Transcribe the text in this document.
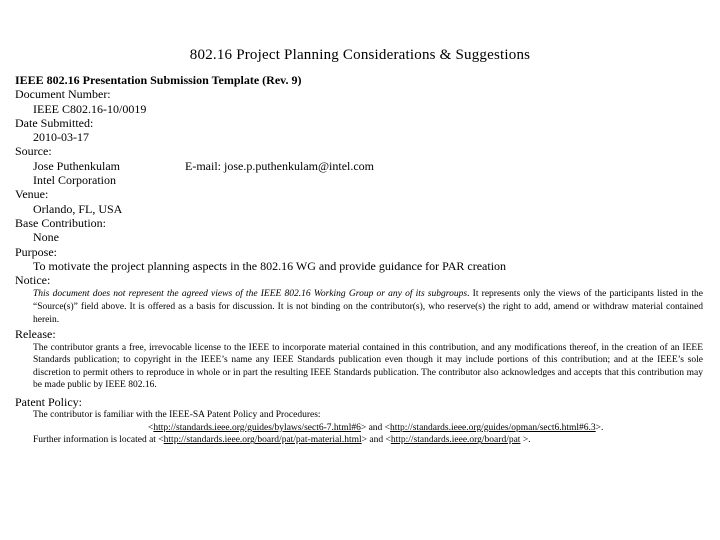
802.16 Project Planning Considerations & Suggestions
IEEE 802.16 Presentation Submission Template (Rev. 9)
Document Number:
IEEE C802.16-10/0019
Date Submitted:
2010-03-17
Source:
Jose Puthenkulam	E-mail: jose.p.puthenkulam@intel.com
Intel Corporation
Venue:
Orlando, FL, USA
Base Contribution:
None
Purpose:
To motivate the project planning aspects in the 802.16 WG and provide guidance for PAR creation
Notice:
This document does not represent the agreed views of the IEEE 802.16 Working Group or any of its subgroups. It represents only the views of the participants listed in the “Source(s)” field above. It is offered as a basis for discussion. It is not binding on the contributor(s), who reserve(s) the right to add, amend or withdraw material contained herein.
Release:
The contributor grants a free, irrevocable license to the IEEE to incorporate material contained in this contribution, and any modifications thereof, in the creation of an IEEE Standards publication; to copyright in the IEEE’s name any IEEE Standards publication even though it may include portions of this contribution; and at the IEEE’s sole discretion to permit others to reproduce in whole or in part the resulting IEEE Standards publication. The contributor also acknowledges and accepts that this contribution may be made public by IEEE 802.16.
Patent Policy:
The contributor is familiar with the IEEE-SA Patent Policy and Procedures:
<http://standards.ieee.org/guides/bylaws/sect6-7.html#6> and <http://standards.ieee.org/guides/opman/sect6.html#6.3>.
Further information is located at <http://standards.ieee.org/board/pat/pat-material.html> and <http://standards.ieee.org/board/pat >.
